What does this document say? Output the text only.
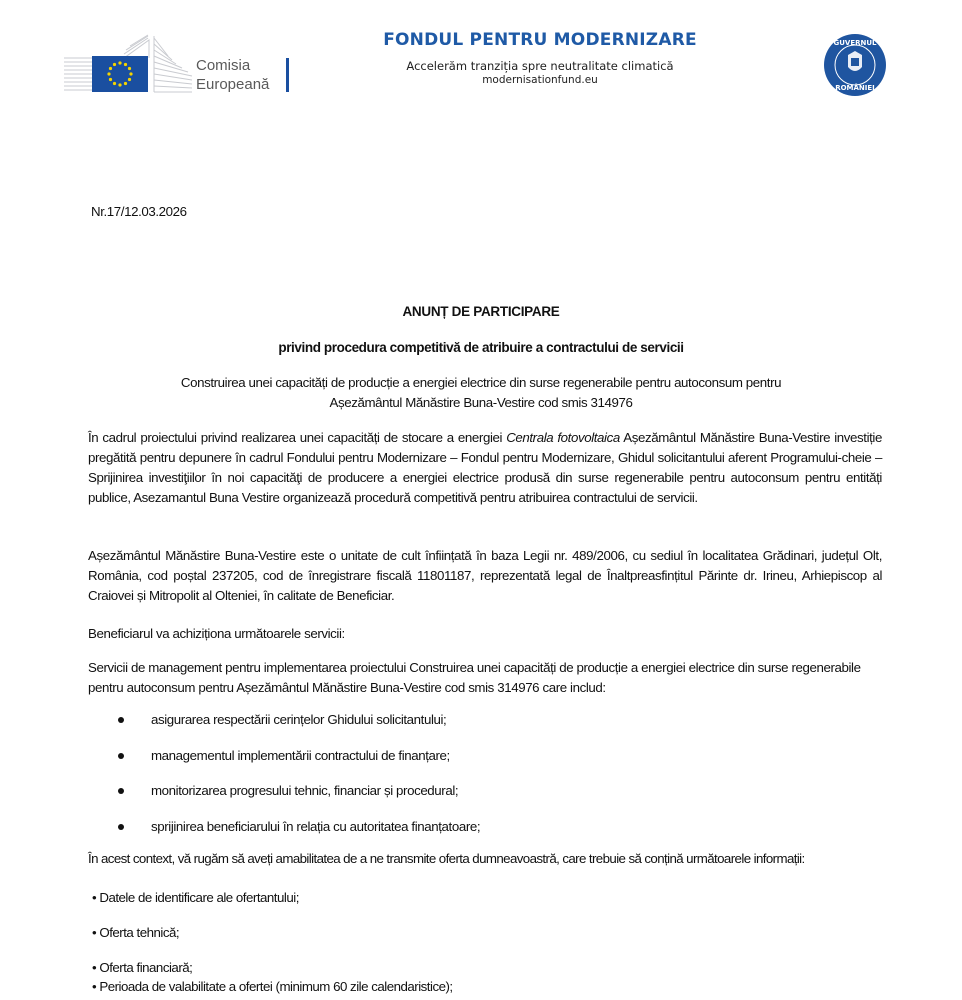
Comisia
Europeană
FONDUL PENTRU MODERNIZARE
Accelerăm tranziția spre neutralitate climatică
modernisationfund.eu
GUVERNUL
ROMÂNIEI
Nr.17/12.03.2026
ANUNȚ DE PARTICIPARE
privind procedura competitivă de atribuire a contractului de servicii
Construirea unei capacități de producție a energiei electrice din surse regenerabile pentru autoconsum pentru
Așezământul Mănăstire Buna-Vestire cod smis 314976
În cadrul proiectului privind realizarea unei capacități de stocare a energiei Centrala fotovoltaica Așezământul Mănăstire Buna-Vestire investiție pregătită pentru depunere în cadrul Fondului pentru Modernizare – Fondul pentru Modernizare, Ghidul solicitantului aferent Programului-cheie – Sprijinirea investiţiilor în noi capacităţi de producere a energiei electrice produsă din surse regenerabile pentru autoconsum pentru entități publice, Asezamantul Buna Vestire organizează procedură competitivă pentru atribuirea contractului de servicii.
Așezământul Mănăstire Buna-Vestire este o unitate de cult înființată în baza Legii nr. 489/2006, cu sediul în localitatea Grădinari, județul Olt, România, cod poștal 237205, cod de înregistrare fiscală 11801187, reprezentată legal de Înaltpreasfințitul Părinte dr. Irineu, Arhiepiscop al Craiovei și Mitropolit al Olteniei, în calitate de Beneficiar.
Beneficiarul va achiziționa următoarele servicii:
Servicii de management pentru implementarea proiectului Construirea unei capacități de producție a energiei electrice din surse regenerabile pentru autoconsum pentru Așezământul Mănăstire Buna-Vestire cod smis 314976 care includ:
asigurarea respectării cerințelor Ghidului solicitantului;
managementul implementării contractului de finanțare;
monitorizarea progresului tehnic, financiar și procedural;
sprijinirea beneficiarului în relația cu autoritatea finanțatoare;
În acest context, vă rugăm să aveți amabilitatea de a ne transmite oferta dumneavoastră, care trebuie să conțină următoarele informații:
• Datele de identificare ale ofertantului;
• Oferta tehnică;
• Oferta financiară;
• Perioada de valabilitate a ofertei (minimum 60 zile calendaristice);
